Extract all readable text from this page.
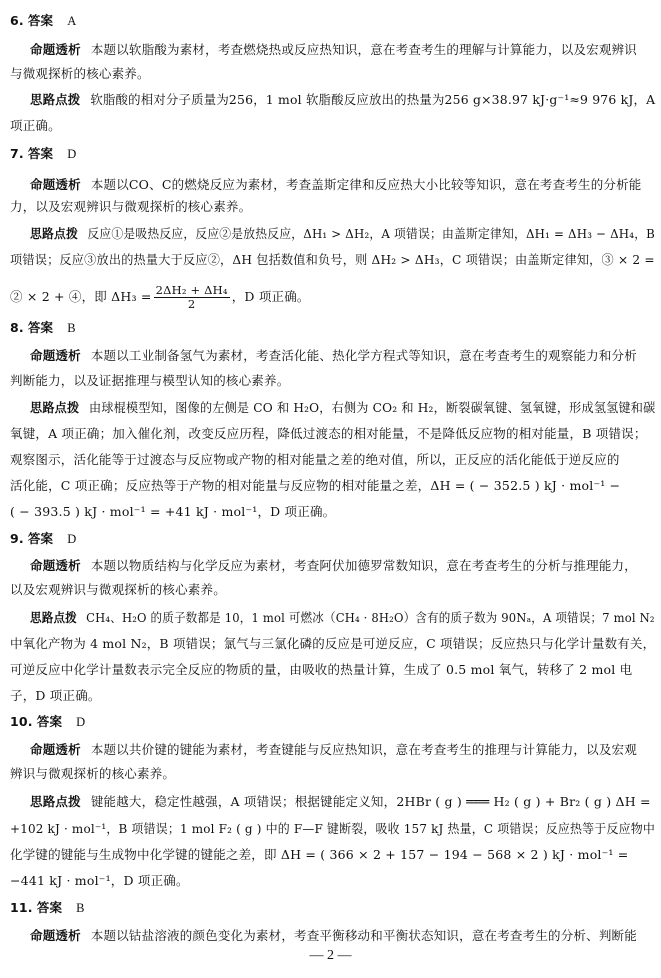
6. 答案 A
命题透析 本题以软脂酸为素材，考查燃烧热或反应热知识，意在考查考生的理解与计算能力，以及宏观辨识
与微观探析的核心素养。
思路点拨 软脂酸的相对分子质量为256，1 mol 软脂酸反应放出的热量为256 g×38.97 kJ·g⁻¹≈9 976 kJ，A
项正确。
7. 答案 D
命题透析 本题以CO、C的燃烧反应为素材，考查盖斯定律和反应热大小比较等知识，意在考查考生的分析能
力，以及宏观辨识与微观探析的核心素养。
思路点拨 反应①是吸热反应，反应②是放热反应，ΔH₁ > ΔH₂，A 项错误；由盖斯定律知，ΔH₁ = ΔH₃ − ΔH₄，B
项错误；反应③放出的热量大于反应②，ΔH 包括数值和负号，则 ΔH₂ > ΔH₃，C 项错误；由盖斯定律知，③ × 2 =
② × 2 + ④，即 $\Delta H_3 = \frac{\text{2ΔH₂ + ΔH₄}}{2}$ ，D 项正确。
8. 答案 B
命题透析 本题以工业制备氢气为素材，考查活化能、热化学方程式等知识，意在考查考生的观察能力和分析
判断能力，以及证据推理与模型认知的核心素养。
思路点拨 由球棍模型知，图像的左侧是 CO 和 H₂O，右侧为 CO₂ 和 H₂，断裂碳氧键、氢氧键，形成氢氢键和碳
氧键，A 项正确；加入催化剂，改变反应历程，降低过渡态的相对能量，不是降低反应物的相对能量，B 项错误；
观察图示，活化能等于过渡态与反应物或产物的相对能量之差的绝对值，所以，正反应的活化能低于逆反应的
活化能，C 项正确；反应热等于产物的相对能量与反应物的相对能量之差，ΔH = ( − 352.5 ) kJ · mol⁻¹ −
( − 393.5 ) kJ · mol⁻¹ = +41 kJ · mol⁻¹，D 项正确。
9. 答案 D
命题透析 本题以物质结构与化学反应为素材，考查阿伏加德罗常数知识，意在考查考生的分析与推理能力，
以及宏观辨识与微观探析的核心素养。
思路点拨 CH₄、H₂O 的质子数都是 10，1 mol 可燃冰（CH₄ · 8H₂O）含有的质子数为 90Nₐ，A 项错误；7 mol N₂
中氧化产物为 4 mol N₂，B 项错误；氯气与三氯化磷的反应是可逆反应，C 项错误；反应热只与化学计量数有关，
可逆反应中化学计量数表示完全反应的物质的量，由吸收的热量计算，生成了 0.5 mol 氧气，转移了 2 mol 电
子，D 项正确。
10. 答案 D
命题透析 本题以共价键的键能为素材，考查键能与反应热知识，意在考查考生的推理与计算能力，以及宏观
辨识与微观探析的核心素养。
思路点拨 键能越大，稳定性越强，A 项错误；根据键能定义知，2HBr ( g ) ═══ H₂ ( g ) + Br₂ ( g ) ΔH =
+102 kJ · mol⁻¹，B 项错误；1 mol F₂ ( g ) 中的 F—F 键断裂，吸收 157 kJ 热量，C 项错误；反应热等于反应物中
化学键的键能与生成物中化学键的键能之差，即 ΔH = ( 366 × 2 + 157 − 194 − 568 × 2 ) kJ · mol⁻¹ =
−441 kJ · mol⁻¹，D 项正确。
11. 答案 B
命题透析 本题以钴盐溶液的颜色变化为素材，考查平衡移动和平衡状态知识，意在考查考生的分析、判断能
— 2 —
